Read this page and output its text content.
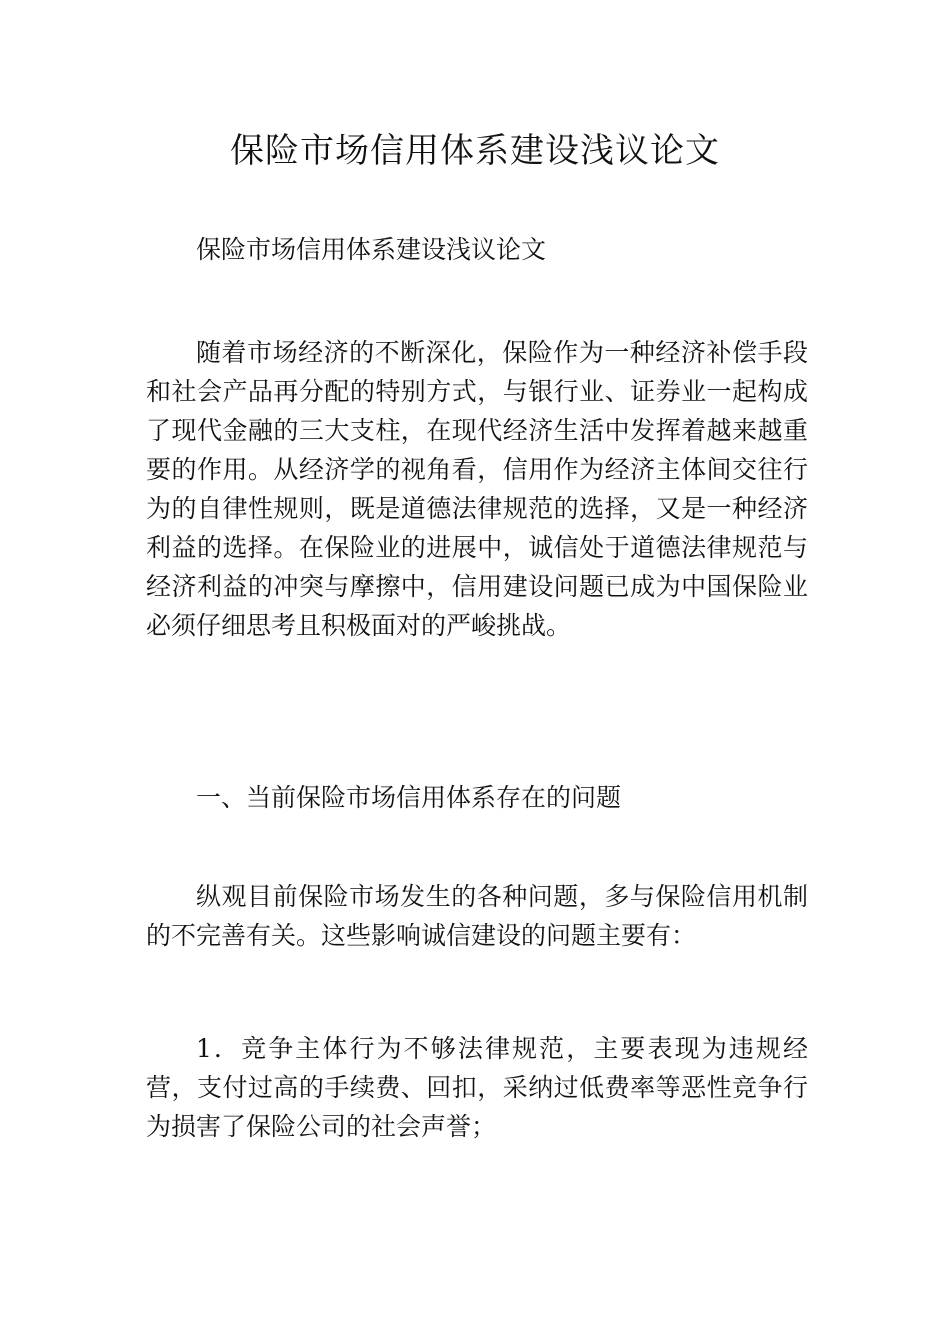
保险市场信用体系建设浅议论文

保险市场信用体系建设浅议论文

随着市场经济的不断深化，保险作为一种经济补偿手段和社会产品再分配的特别方式，与银行业、证券业一起构成了现代金融的三大支柱，在现代经济生活中发挥着越来越重要的作用。从经济学的视角看，信用作为经济主体间交往行为的自律性规则，既是道德法律规范的选择，又是一种经济利益的选择。在保险业的进展中，诚信处于道德法律规范与经济利益的冲突与摩擦中，信用建设问题已成为中国保险业必须仔细思考且积极面对的严峻挑战。

一、当前保险市场信用体系存在的问题

纵观目前保险市场发生的各种问题，多与保险信用机制的不完善有关。这些影响诚信建设的问题主要有：

1．竞争主体行为不够法律规范，主要表现为违规经营，支付过高的手续费、回扣，采纳过低费率等恶性竞争行为损害了保险公司的社会声誉；
